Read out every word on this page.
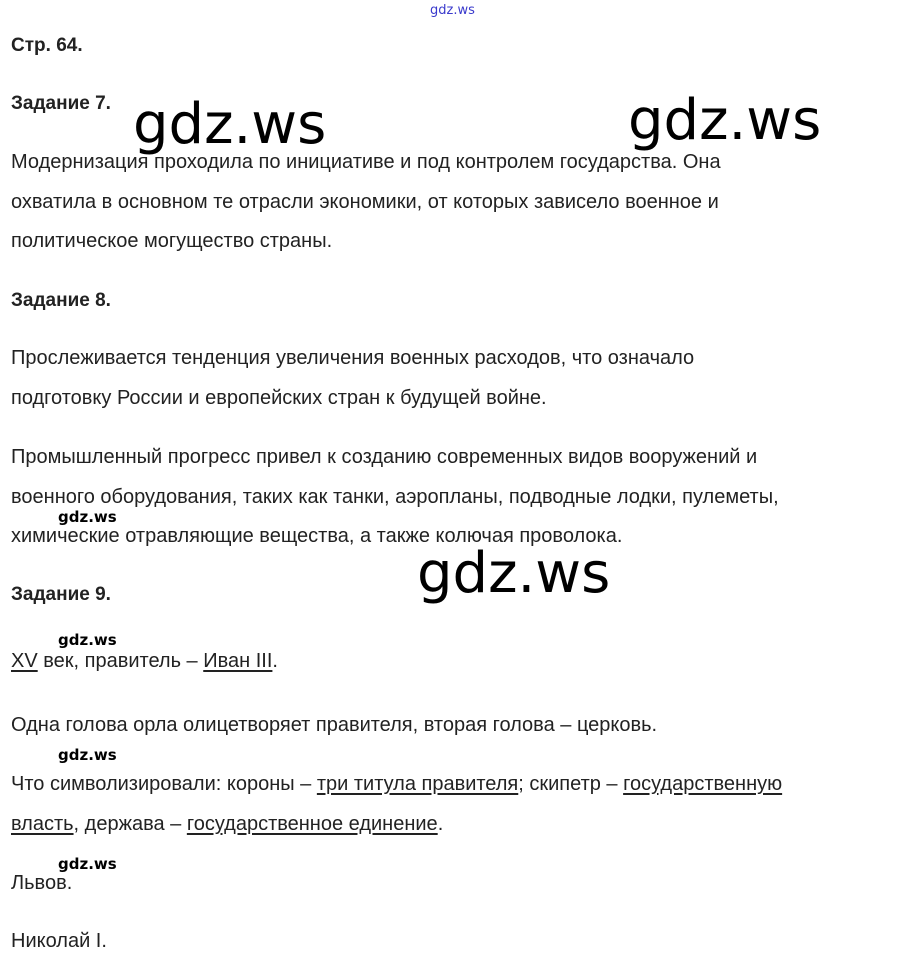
gdz.ws
gdz.ws	gdz.ws
gdz.ws
gdz.ws
gdz.ws
gdz.ws
gdz.ws
Стр. 64.
Задание 7.
Модернизация проходила по инициативе и под контролем государства. Она
охватила в основном те отрасли экономики, от которых зависело военное и
политическое могущество страны.
Задание 8.
Прослеживается тенденция увеличения военных расходов, что означало
подготовку России и европейских стран к будущей войне.
Промышленный прогресс привел к созданию современных видов вооружений и
военного оборудования, таких как танки, аэропланы, подводные лодки, пулеметы,
химические отравляющие вещества, а также колючая проволока.
Задание 9.
XV век, правитель – Иван III.
Одна голова орла олицетворяет правителя, вторая голова – церковь.
Что символизировали: короны – три титула правителя; скипетр – государственную
власть, держава – государственное единение.
Львов.
Николай I.
